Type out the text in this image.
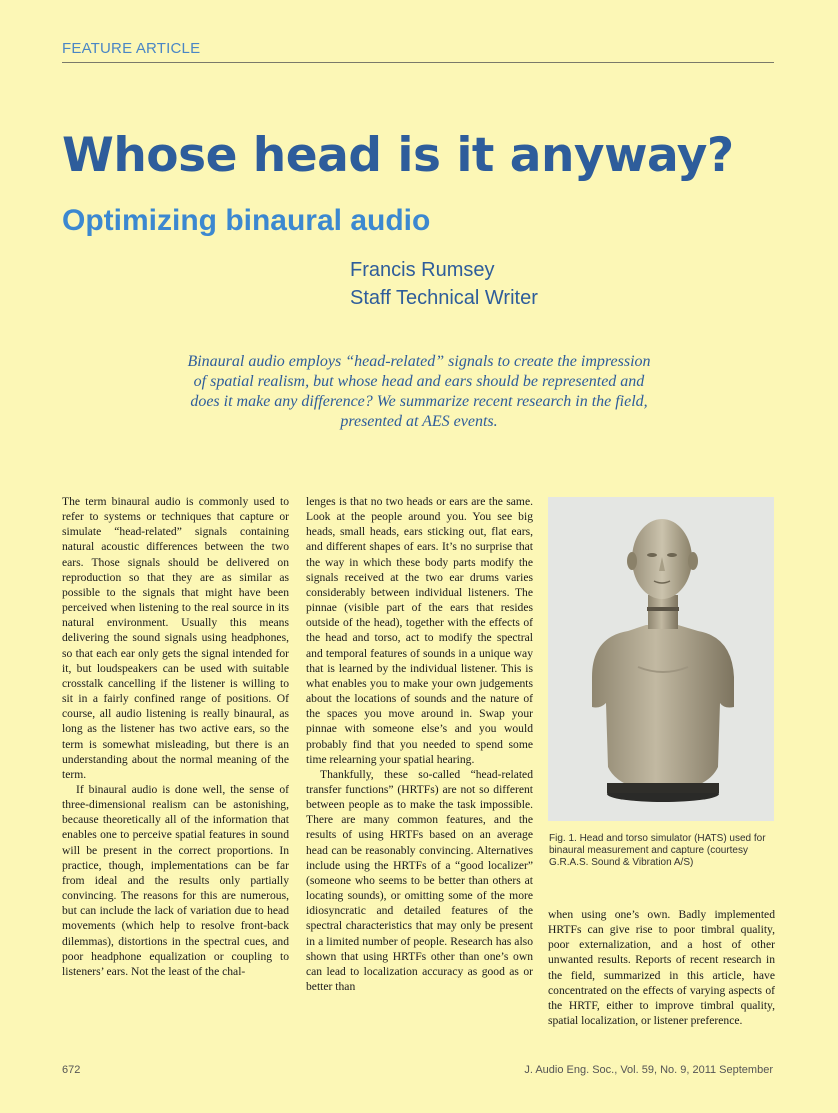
FEATURE ARTICLE
Whose head is it anyway?
Optimizing binaural audio
Francis Rumsey
Staff Technical Writer

Binaural audio employs “head-related” signals to create the impression of spatial realism, but whose head and ears should be represented and does it make any difference? We summarize recent research in the field, presented at AES events.

The term binaural audio is commonly used to refer to systems or techniques that capture or simulate “head-related” signals containing natural acoustic differences between the two ears. Those signals should be delivered on reproduction so that they are as similar as possible to the signals that might have been perceived when listening to the real source in its natural environment. Usually this means delivering the sound signals using headphones, so that each ear only gets the signal intended for it, but loudspeakers can be used with suitable crosstalk cancelling if the listener is willing to sit in a fairly confined range of positions. Of course, all audio listening is really binaural, as long as the listener has two active ears, so the term is somewhat misleading, but there is an understanding about the normal meaning of the term.

If binaural audio is done well, the sense of three-dimensional realism can be astonishing, because theoretically all of the information that enables one to perceive spatial features in sound will be present in the correct proportions. In practice, though, implementations can be far from ideal and the results only partially convincing. The reasons for this are numerous, but can include the lack of variation due to head movements (which help to resolve front-back dilemmas), distortions in the spectral cues, and poor headphone equalization or coupling to listeners’ ears. Not the least of the chal-

lenges is that no two heads or ears are the same. Look at the people around you. You see big heads, small heads, ears sticking out, flat ears, and different shapes of ears. It’s no surprise that the way in which these body parts modify the signals received at the two ear drums varies considerably between individual listeners. The pinnae (visible part of the ears that resides outside of the head), together with the effects of the head and torso, act to modify the spectral and temporal features of sounds in a unique way that is learned by the individual listener. This is what enables you to make your own judgements about the locations of sounds and the nature of the spaces you move around in. Swap your pinnae with someone else’s and you would probably find that you needed to spend some time relearning your spatial hearing.

Thankfully, these so-called “head-related transfer functions” (HRTFs) are not so different between people as to make the task impossible. There are many common features, and the results of using HRTFs based on an average head can be reasonably convincing. Alternatives include using the HRTFs of a “good localizer” (someone who seems to be better than others at locating sounds), or omitting some of the more idiosyncratic and detailed features of the spectral characteristics that may only be present in a limited number of people. Research has also shown that using HRTFs other than one’s own can lead to localization accuracy as good as or better than

Fig. 1. Head and torso simulator (HATS) used for binaural measurement and capture (courtesy G.R.A.S. Sound & Vibration A/S)

when using one’s own. Badly implemented HRTFs can give rise to poor timbral quality, poor externalization, and a host of other unwanted results. Reports of recent research in the field, summarized in this article, have concentrated on the effects of varying aspects of the HRTF, either to improve timbral quality, spatial localization, or listener preference.

672	J. Audio Eng. Soc., Vol. 59, No. 9, 2011 September
